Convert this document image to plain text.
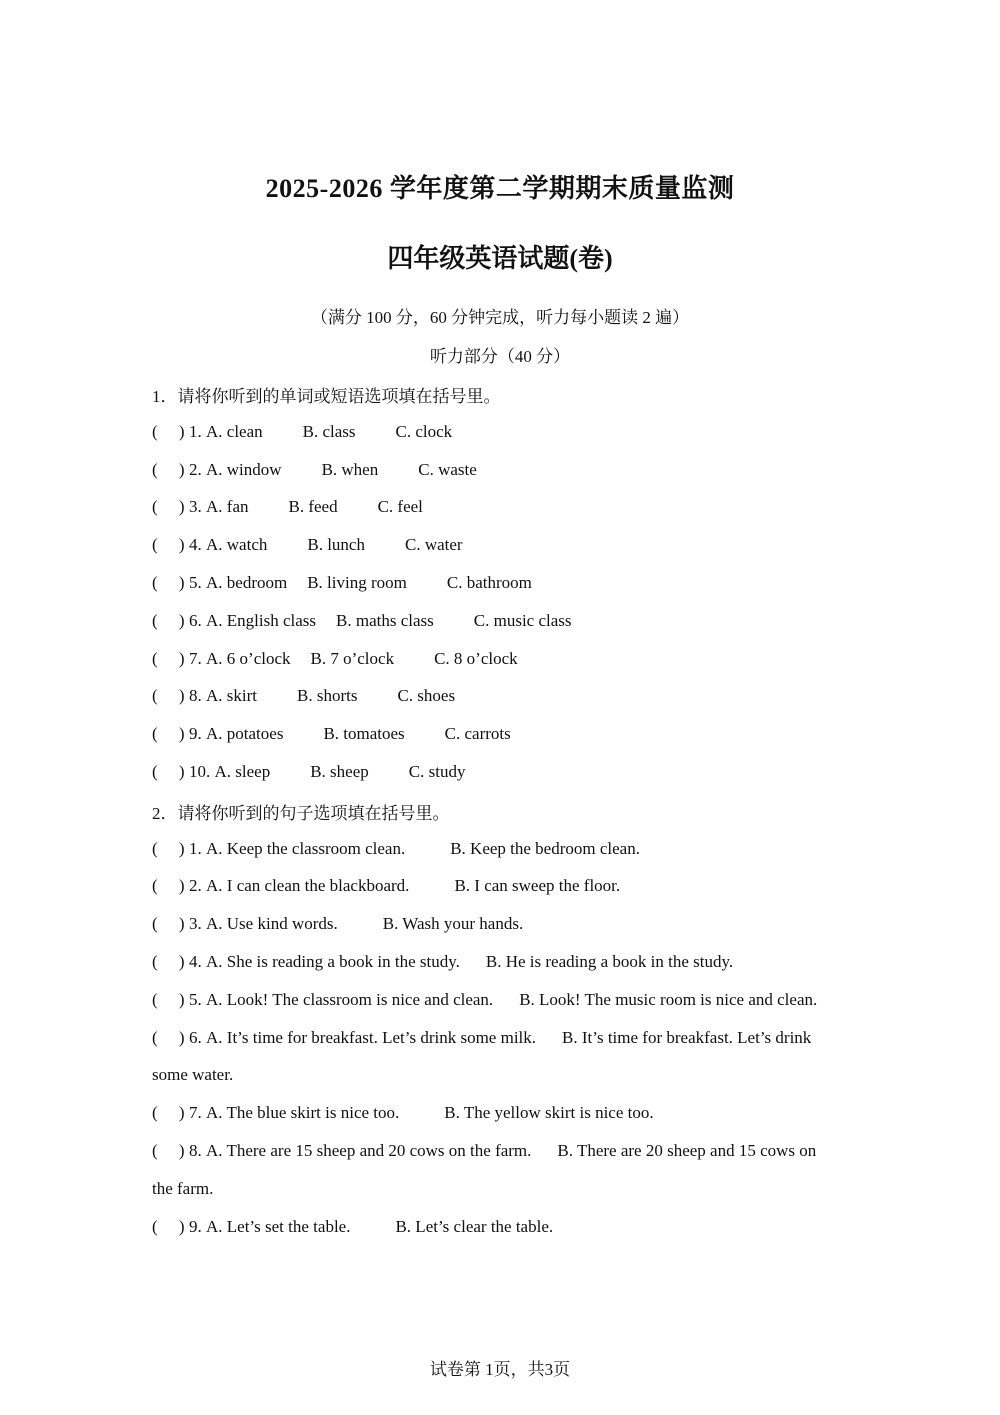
2025-2026 学年度第二学期期末质量监测
四年级英语试题(卷)
（满分 100 分，60 分钟完成，听力每小题读 2 遍）
听力部分（40 分）
1．请将你听到的单词或短语选项填在括号里。
(     ) 1. A. clean B. class C. clock
(     ) 2. A. window B. when C. waste
(     ) 3. A. fan B. feed C. feel
(     ) 4. A. watch B. lunch C. water
(     ) 5. A. bedroom B. living room C. bathroom
(     ) 6. A. English class B. maths class C. music class
(     ) 7. A. 6 o’clock B. 7 o’clock C. 8 o’clock
(     ) 8. A. skirt B. shorts C. shoes
(     ) 9. A. potatoes B. tomatoes C. carrots
(     ) 10. A. sleep B. sheep C. study
2．请将你听到的句子选项填在括号里。
(     ) 1. A. Keep the classroom clean.	B. Keep the bedroom clean.
(     ) 2. A. I can clean the blackboard.	B. I can sweep the floor.
(     ) 3. A. Use kind words.	B. Wash your hands.
(     ) 4. A. She is reading a book in the study. B. He is reading a book in the study.
(     ) 5. A. Look! The classroom is nice and clean. B. Look! The music room is nice and clean.
(     ) 6. A. It’s time for breakfast. Let’s drink some milk. B. It’s time for breakfast. Let’s drink
some water.
(     ) 7. A. The blue skirt is nice too.	B. The yellow skirt is nice too.
(     ) 8. A. There are 15 sheep and 20 cows on the farm. B. There are 20 sheep and 15 cows on
the farm.
(     ) 9. A. Let’s set the table.	B. Let’s clear the table.
试卷第 1页，共3页
